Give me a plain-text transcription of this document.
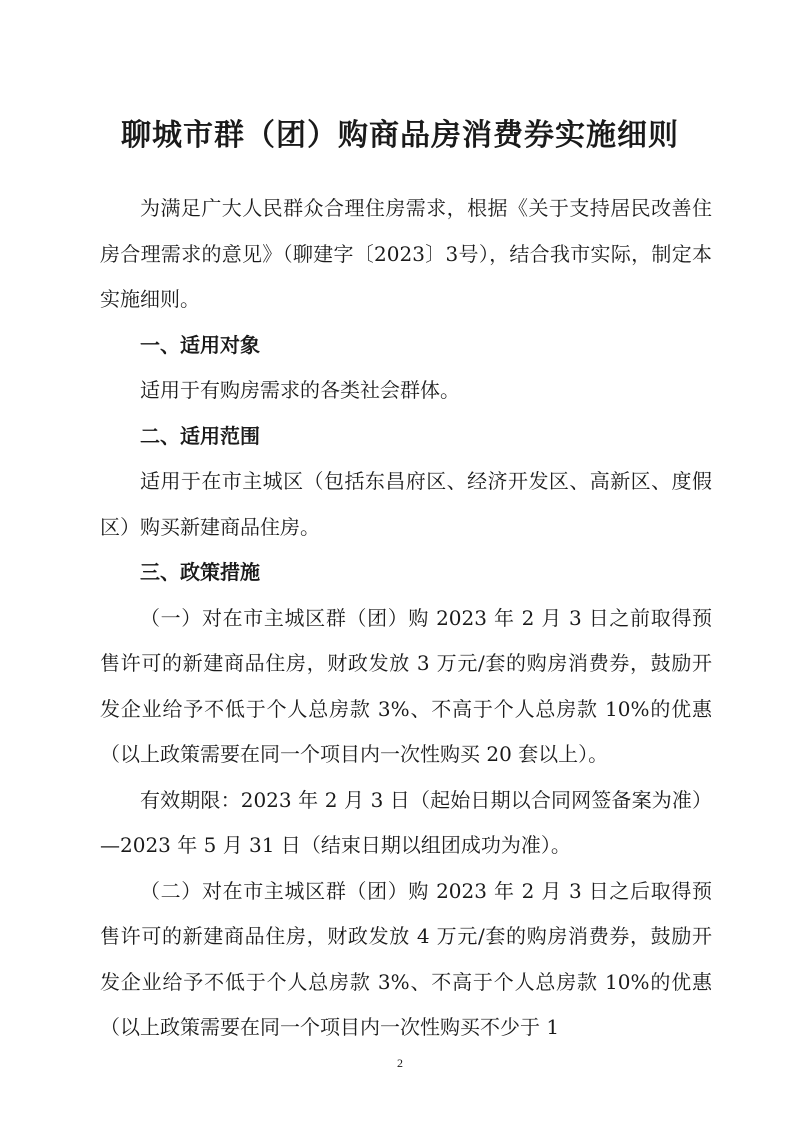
聊城市群（团）购商品房消费券实施细则

为满足广大人民群众合理住房需求，根据《关于支持居民改善住房合理需求的意见》（聊建字〔2023〕3号），结合我市实际，制定本实施细则。

一、适用对象

适用于有购房需求的各类社会群体。

二、适用范围

适用于在市主城区（包括东昌府区、经济开发区、高新区、度假区）购买新建商品住房。

三、政策措施

（一）对在市主城区群（团）购 2023 年 2 月 3 日之前取得预售许可的新建商品住房，财政发放 3 万元/套的购房消费券，鼓励开发企业给予不低于个人总房款 3%、不高于个人总房款 10%的优惠（以上政策需要在同一个项目内一次性购买 20 套以上）。

有效期限：2023 年 2 月 3 日（起始日期以合同网签备案为准）—2023 年 5 月 31 日（结束日期以组团成功为准）。

（二）对在市主城区群（团）购 2023 年 2 月 3 日之后取得预售许可的新建商品住房，财政发放 4 万元/套的购房消费券，鼓励开发企业给予不低于个人总房款 3%、不高于个人总房款 10%的优惠（以上政策需要在同一个项目内一次性购买不少于 1

2
